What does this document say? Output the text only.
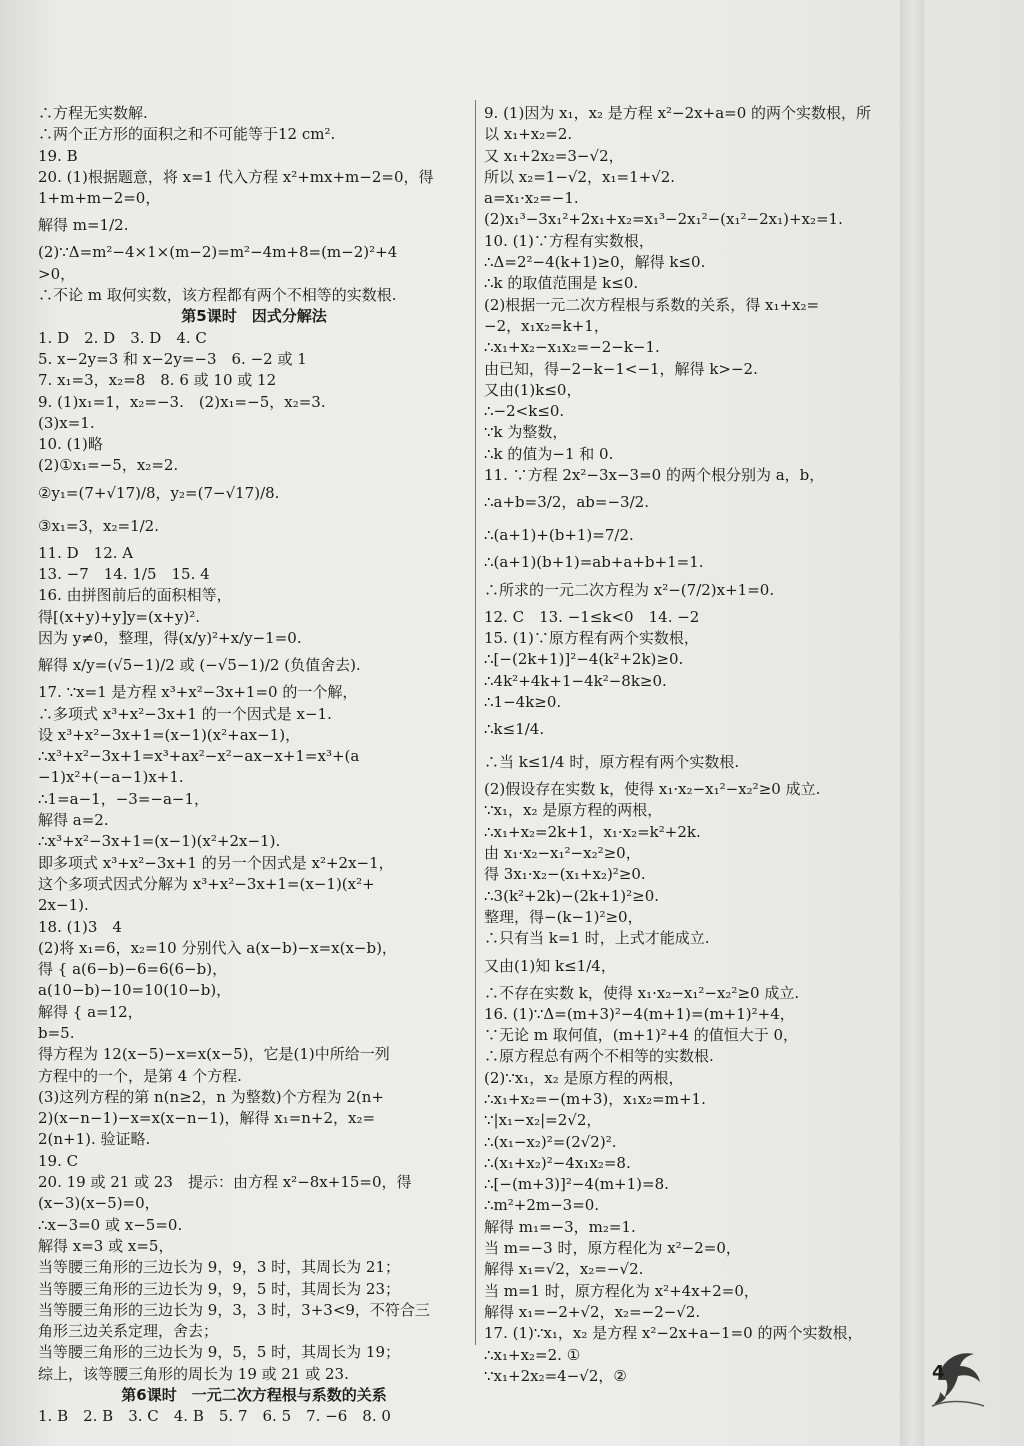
∴方程无实数解.
∴两个正方形的面积之和不可能等于12 cm².
19. B
20. (1)根据题意，将 x=1 代入方程 x²+mx+m−2=0，得
1+m+m−2=0，
解得 m=1/2.
(2)∵Δ=m²−4×1×(m−2)=m²−4m+8=(m−2)²+4
>0，
∴不论 m 取何实数，该方程都有两个不相等的实数根.
第5课时　因式分解法
1. D　2. D　3. D　4. C
5. x−2y=3 和 x−2y=−3　6. −2 或 1
7. x₁=3，x₂=8　8. 6 或 10 或 12
9. (1)x₁=1，x₂=−3.　(2)x₁=−5，x₂=3.
(3)x=1.
10. (1)略
(2)①x₁=−5，x₂=2.
②y₁=(7+√17)/8，y₂=(7−√17)/8.
③x₁=3，x₂=1/2.
11. D　12. A
13. −7　14. 1/5　15. 4
16. 由拼图前后的面积相等，
得[(x+y)+y]y=(x+y)².
因为 y≠0，整理，得(x/y)²+x/y−1=0.
解得 x/y=(√5−1)/2 或 (−√5−1)/2 (负值舍去).
17. ∵x=1 是方程 x³+x²−3x+1=0 的一个解，
∴多项式 x³+x²−3x+1 的一个因式是 x−1.
设 x³+x²−3x+1=(x−1)(x²+ax−1)，
∴x³+x²−3x+1=x³+ax²−x²−ax−x+1=x³+(a
−1)x²+(−a−1)x+1.
∴1=a−1，−3=−a−1，
解得 a=2.
∴x³+x²−3x+1=(x−1)(x²+2x−1).
即多项式 x³+x²−3x+1 的另一个因式是 x²+2x−1，
这个多项式因式分解为 x³+x²−3x+1=(x−1)(x²+
2x−1).
18. (1)3　4
(2)将 x₁=6，x₂=10 分别代入 a(x−b)−x=x(x−b)，
得 { a(6−b)−6=6(6−b)，
a(10−b)−10=10(10−b)，
解得 { a=12，
b=5.
得方程为 12(x−5)−x=x(x−5)，它是(1)中所给一列
方程中的一个，是第 4 个方程.
(3)这列方程的第 n(n≥2，n 为整数)个方程为 2(n+
2)(x−n−1)−x=x(x−n−1)，解得 x₁=n+2，x₂=
2(n+1). 验证略.
19. C
20. 19 或 21 或 23　提示：由方程 x²−8x+15=0，得
(x−3)(x−5)=0，
∴x−3=0 或 x−5=0.
解得 x=3 或 x=5，
当等腰三角形的三边长为 9，9，3 时，其周长为 21；
当等腰三角形的三边长为 9，9，5 时，其周长为 23；
当等腰三角形的三边长为 9，3，3 时，3+3<9，不符合三
角形三边关系定理，舍去；
当等腰三角形的三边长为 9，5，5 时，其周长为 19；
综上，该等腰三角形的周长为 19 或 21 或 23.
第6课时　一元二次方程根与系数的关系
1. B　2. B　3. C　4. B　5. 7　6. 5　7. −6　8. 0
9. (1)因为 x₁，x₂ 是方程 x²−2x+a=0 的两个实数根，所
以 x₁+x₂=2.
又 x₁+2x₂=3−√2，
所以 x₂=1−√2，x₁=1+√2.
a=x₁·x₂=−1.
(2)x₁³−3x₁²+2x₁+x₂=x₁³−2x₁²−(x₁²−2x₁)+x₂=1.
10. (1)∵方程有实数根，
∴Δ=2²−4(k+1)≥0，解得 k≤0.
∴k 的取值范围是 k≤0.
(2)根据一元二次方程根与系数的关系，得 x₁+x₂=
−2，x₁x₂=k+1，
∴x₁+x₂−x₁x₂=−2−k−1.
由已知，得−2−k−1<−1，解得 k>−2.
又由(1)k≤0，
∴−2<k≤0.
∵k 为整数，
∴k 的值为−1 和 0.
11. ∵方程 2x²−3x−3=0 的两个根分别为 a，b，
∴a+b=3/2，ab=−3/2.
∴(a+1)+(b+1)=7/2.
∴(a+1)(b+1)=ab+a+b+1=1.
∴所求的一元二次方程为 x²−(7/2)x+1=0.
12. C　13. −1≤k<0　14. −2
15. (1)∵原方程有两个实数根，
∴[−(2k+1)]²−4(k²+2k)≥0.
∴4k²+4k+1−4k²−8k≥0.
∴1−4k≥0.
∴k≤1/4.
∴当 k≤1/4 时，原方程有两个实数根.
(2)假设存在实数 k，使得 x₁·x₂−x₁²−x₂²≥0 成立.
∵x₁，x₂ 是原方程的两根，
∴x₁+x₂=2k+1，x₁·x₂=k²+2k.
由 x₁·x₂−x₁²−x₂²≥0，
得 3x₁·x₂−(x₁+x₂)²≥0.
∴3(k²+2k)−(2k+1)²≥0.
整理，得−(k−1)²≥0，
∴只有当 k=1 时，上式才能成立.
又由(1)知 k≤1/4，
∴不存在实数 k，使得 x₁·x₂−x₁²−x₂²≥0 成立.
16. (1)∵Δ=(m+3)²−4(m+1)=(m+1)²+4，
∵无论 m 取何值，(m+1)²+4 的值恒大于 0，
∴原方程总有两个不相等的实数根.
(2)∵x₁，x₂ 是原方程的两根，
∴x₁+x₂=−(m+3)，x₁x₂=m+1.
∵|x₁−x₂|=2√2，
∴(x₁−x₂)²=(2√2)².
∴(x₁+x₂)²−4x₁x₂=8.
∴[−(m+3)]²−4(m+1)=8.
∴m²+2m−3=0.
解得 m₁=−3，m₂=1.
当 m=−3 时，原方程化为 x²−2=0，
解得 x₁=√2，x₂=−√2.
当 m=1 时，原方程化为 x²+4x+2=0，
解得 x₁=−2+√2，x₂=−2−√2.
17. (1)∵x₁，x₂ 是方程 x²−2x+a−1=0 的两个实数根，
∴x₁+x₂=2. ①
∵x₁+2x₂=4−√2，②	4
